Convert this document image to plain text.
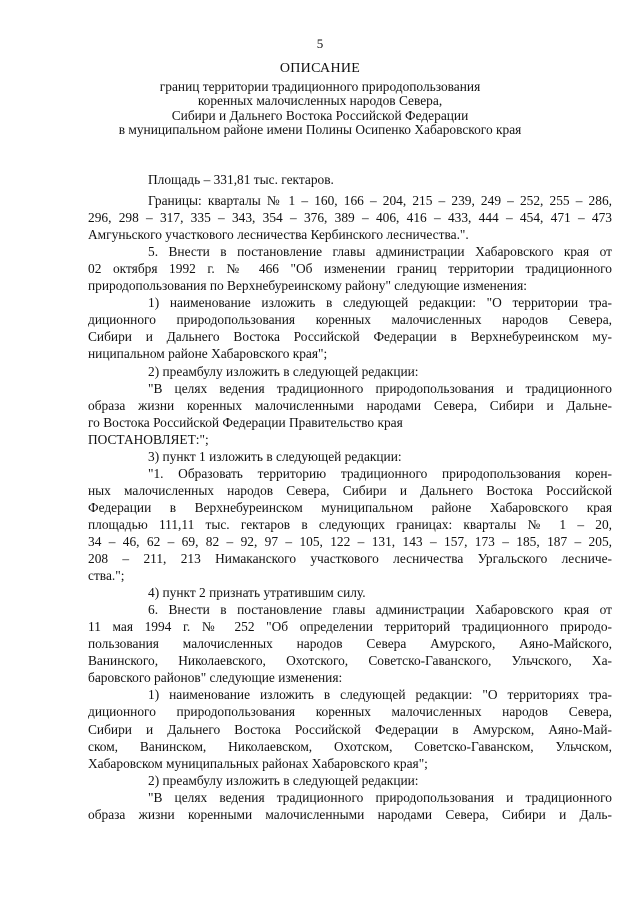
5
ОПИСАНИЕ
границ территории традиционного природопользования
коренных малочисленных народов Севера,
Сибири и Дальнего Востока Российской Федерации
в муниципальном районе имени Полины Осипенко Хабаровского края
Площадь – 331,81 тыс. гектаров.
Границы: кварталы № 1 – 160, 166 – 204, 215 – 239, 249 – 252, 255 – 286,
296, 298 – 317, 335 – 343, 354 – 376, 389 – 406, 416 – 433, 444 – 454, 471 – 473
Амгуньского участкового лесничества Кербинского лесничества.".
5. Внести в постановление главы администрации Хабаровского края от
02 октября 1992 г. № 466 "Об изменении границ территории традиционного
природопользования по Верхнебуреинскому району" следующие изменения:
1) наименование изложить в следующей редакции: "О территории тра-
диционного природопользования коренных малочисленных народов Севера,
Сибири и Дальнего Востока Российской Федерации в Верхнебуреинском му-
ниципальном районе Хабаровского края";
2) преамбулу изложить в следующей редакции:
"В целях ведения традиционного природопользования и традиционного
образа жизни коренных малочисленными народами Севера, Сибири и Дальне-
го Востока Российской Федерации Правительство края
ПОСТАНОВЛЯЕТ:";
3) пункт 1 изложить в следующей редакции:
"1. Образовать территорию традиционного природопользования корен-
ных малочисленных народов Севера, Сибири и Дальнего Востока Российской
Федерации в Верхнебуреинском муниципальном районе Хабаровского края
площадью 111,11 тыс. гектаров в следующих границах: кварталы № 1 – 20,
34 – 46, 62 – 69, 82 – 92, 97 – 105, 122 – 131, 143 – 157, 173 – 185, 187 – 205,
208 – 211, 213 Нимаканского участкового лесничества Ургальского лесниче-
ства.";
4) пункт 2 признать утратившим силу.
6. Внести в постановление главы администрации Хабаровского края от
11 мая 1994 г. № 252 "Об определении территорий традиционного природо-
пользования малочисленных народов Севера Амурского, Аяно-Майского,
Ванинского, Николаевского, Охотского, Советско-Гаванского, Ульчского, Ха-
баровского районов" следующие изменения:
1) наименование изложить в следующей редакции: "О территориях тра-
диционного природопользования коренных малочисленных народов Севера,
Сибири и Дальнего Востока Российской Федерации в Амурском, Аяно-Май-
ском, Ванинском, Николаевском, Охотском, Советско-Гаванском, Ульчском,
Хабаровском муниципальных районах Хабаровского края";
2) преамбулу изложить в следующей редакции:
"В целях ведения традиционного природопользования и традиционного
образа жизни коренными малочисленными народами Севера, Сибири и Даль-
